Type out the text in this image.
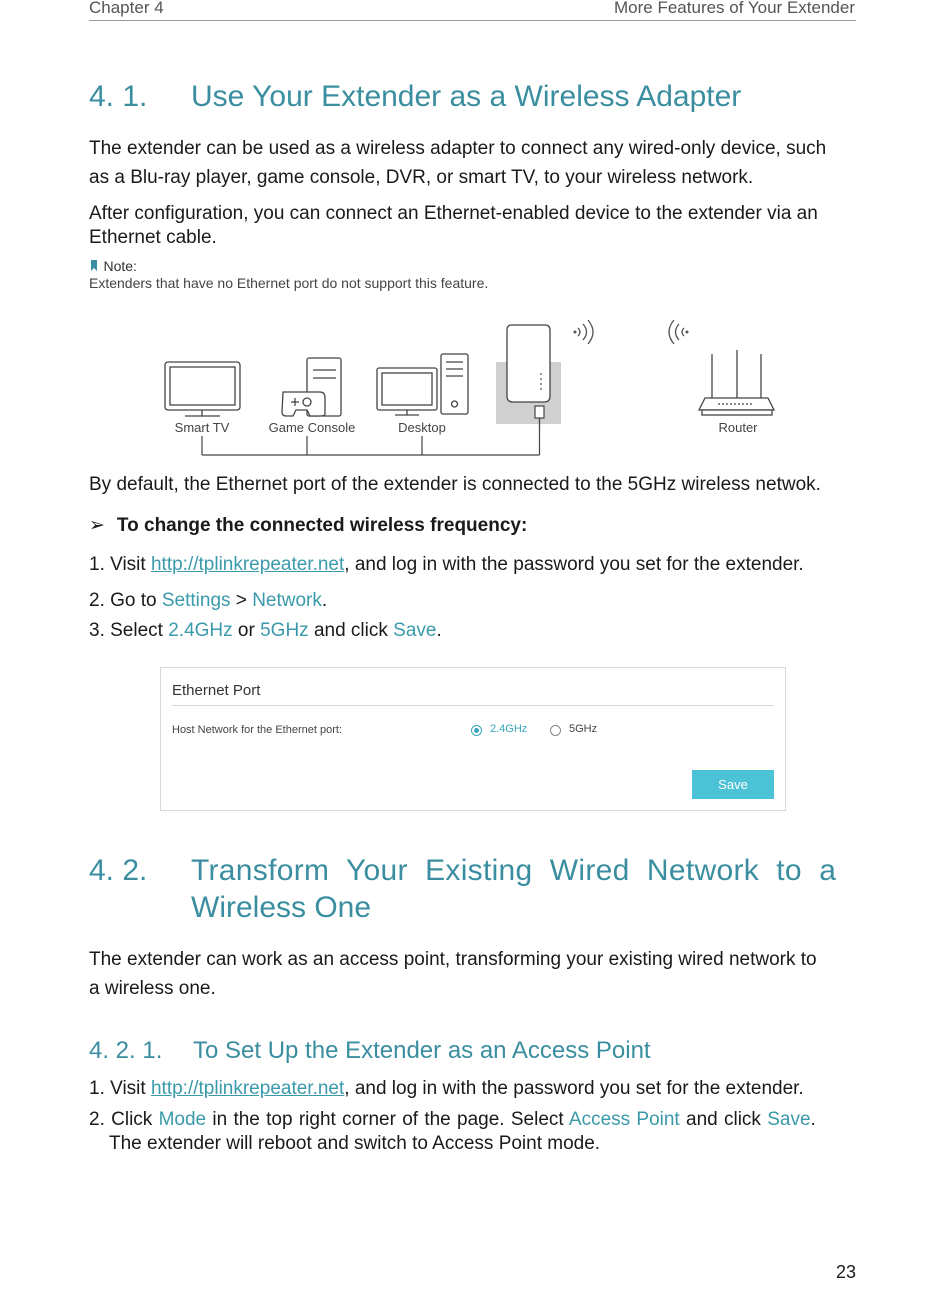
Chapter 4	More Features of Your Extender
4. 1. Use Your Extender as a Wireless Adapter
The extender can be used as a wireless adapter to connect any wired-only device, such
as a Blu-ray player, game console, DVR, or smart TV, to your wireless network.
After configuration, you can connect an Ethernet-enabled device to the extender via an
Ethernet cable.
Note:
Extenders that have no Ethernet port do not support this feature.
Smart TV	Game Console	Desktop	Router
By default, the Ethernet port of the extender is connected to the 5GHz wireless netwok.
➢ To change the connected wireless frequency:
1. Visit http://tplinkrepeater.net, and log in with the password you set for the extender.
2. Go to Settings > Network.
3. Select 2.4GHz or 5GHz and click Save.
Ethernet Port
Host Network for the Ethernet port:	2.4GHz	5GHz
Save
4. 2. Transform  Your  Existing  Wired  Network  to  a
Wireless One
The extender can work as an access point, transforming your existing wired network to
a wireless one.
4. 2. 1. To Set Up the Extender as an Access Point
1. Visit http://tplinkrepeater.net, and log in with the password you set for the extender.
2. Click Mode in the top right corner of the page. Select Access Point and click Save.
The extender will reboot and switch to Access Point mode.
23
